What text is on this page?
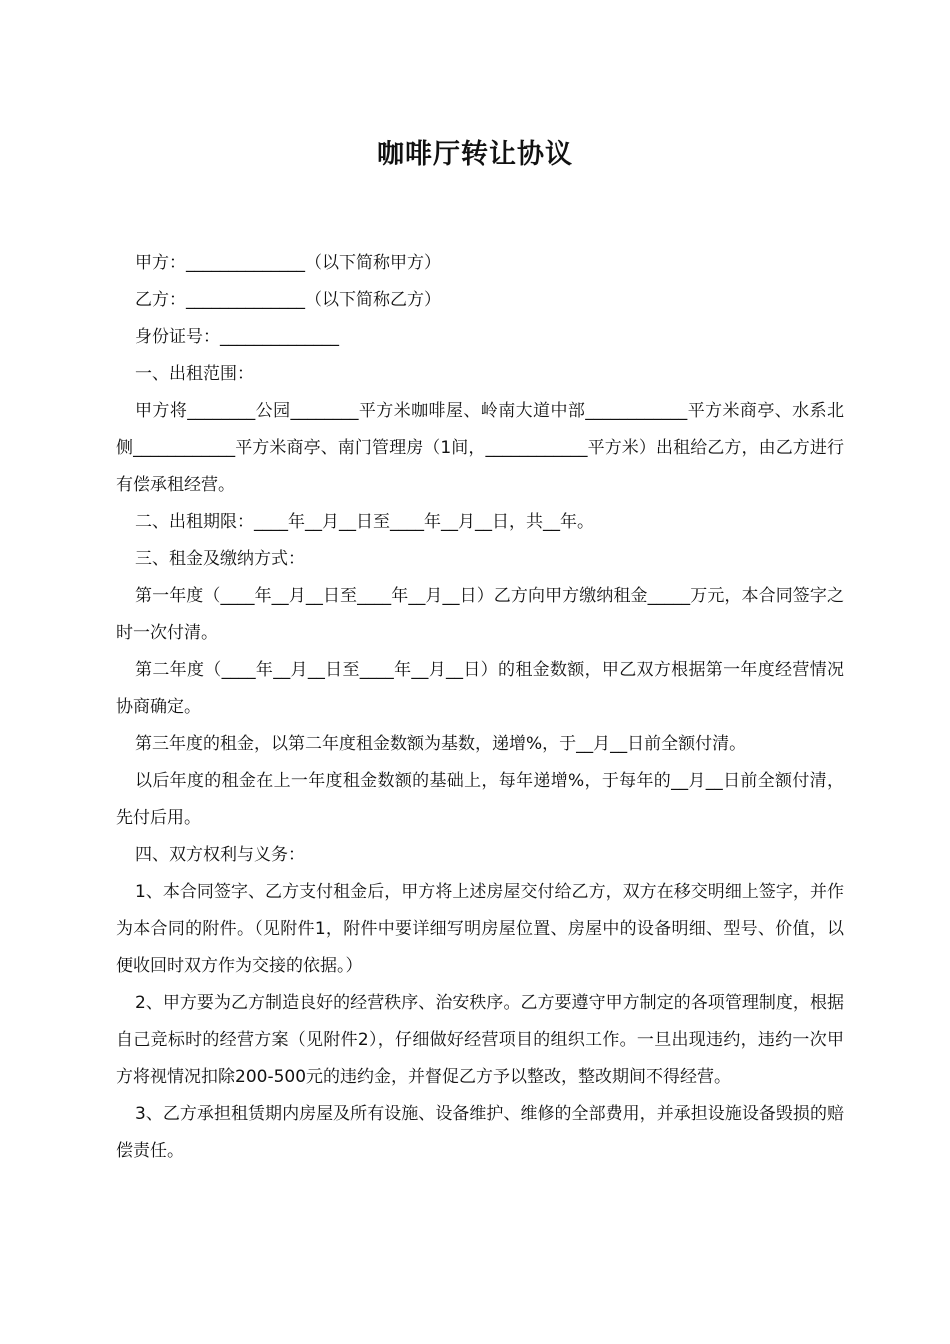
咖啡厅转让协议

甲方：______________（以下简称甲方）

乙方：______________（以下简称乙方）

身份证号：______________

一、出租范围：

甲方将________公园________平方米咖啡屋、岭南大道中部____________平方米商亭、水系北侧____________平方米商亭、南门管理房（1间，____________平方米）出租给乙方，由乙方进行有偿承租经营。

二、出租期限：____年__月__日至____年__月__日，共__年。

三、租金及缴纳方式：

第一年度（____年__月__日至____年__月__日）乙方向甲方缴纳租金_____万元，本合同签字之时一次付清。

第二年度（____年__月__日至____年__月__日）的租金数额，甲乙双方根据第一年度经营情况协商确定。

第三年度的租金，以第二年度租金数额为基数，递增%，于__月__日前全额付清。

以后年度的租金在上一年度租金数额的基础上，每年递增%，于每年的__月__日前全额付清，先付后用。

四、双方权利与义务：

1、本合同签字、乙方支付租金后，甲方将上述房屋交付给乙方，双方在移交明细上签字，并作为本合同的附件。（见附件1，附件中要详细写明房屋位置、房屋中的设备明细、型号、价值，以便收回时双方作为交接的依据。）

2、甲方要为乙方制造良好的经营秩序、治安秩序。乙方要遵守甲方制定的各项管理制度，根据自己竞标时的经营方案（见附件2），仔细做好经营项目的组织工作。一旦出现违约，违约一次甲方将视情况扣除200-500元的违约金，并督促乙方予以整改，整改期间不得经营。

3、乙方承担租赁期内房屋及所有设施、设备维护、维修的全部费用，并承担设施设备毁损的赔偿责任。
